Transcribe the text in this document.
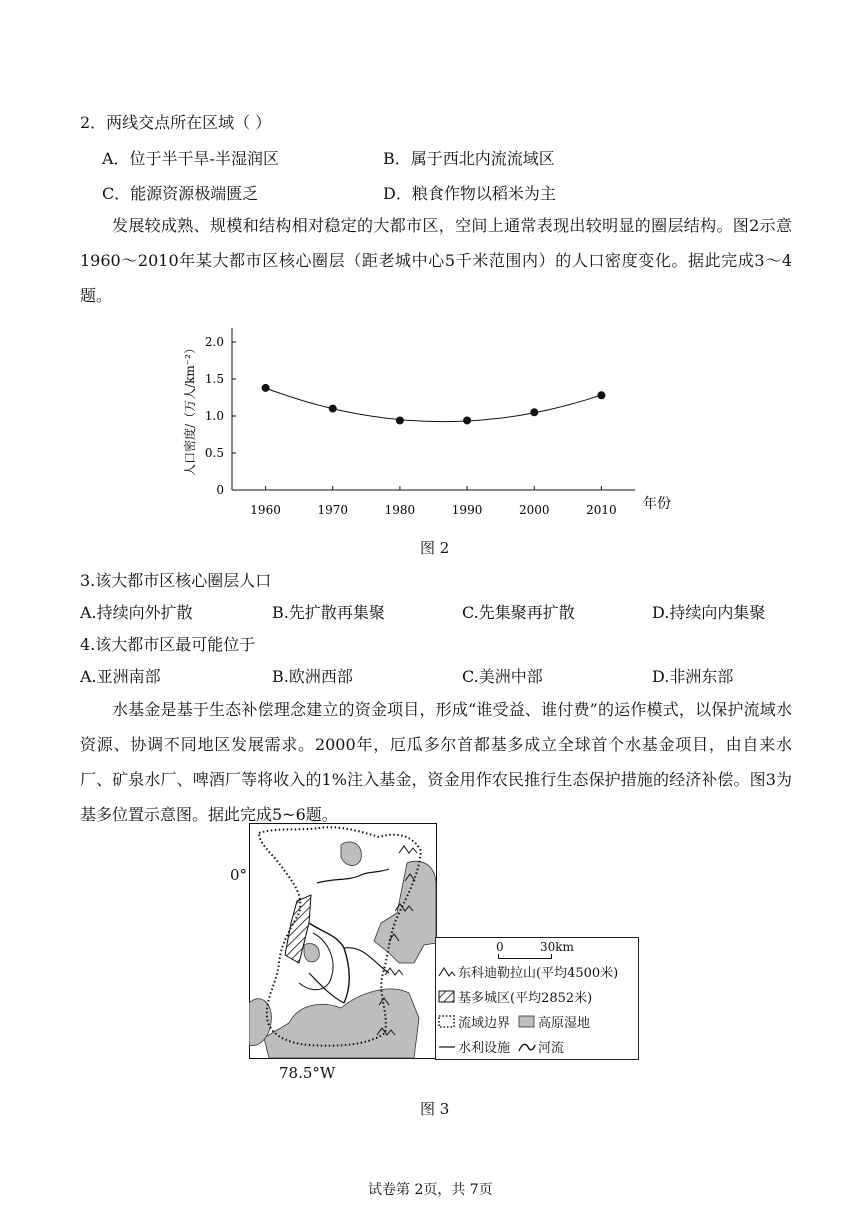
2．两线交点所在区域（ ）
A．位于半干旱-半湿润区	B．属于西北内流流域区
C．能源资源极端匮乏	D．粮食作物以稻米为主
发展较成熟、规模和结构相对稳定的大都市区，空间上通常表现出较明显的圈层结构。图2示意1960～2010年某大都市区核心圈层（距老城中心5千米范围内）的人口密度变化。据此完成3～4题。
0
0.5
1.0
1.5
2.0
1960	1970	1980	1990	2000	2010 年份
人口密度/（万人/km⁻²）
图 2
3.该大都市区核心圈层人口
A.持续向外扩散	B.先扩散再集聚	C.先集聚再扩散	D.持续向内集聚
4.该大都市区最可能位于
A.亚洲南部	B.欧洲西部	C.美洲中部	D.非洲东部
水基金是基于生态补偿理念建立的资金项目，形成“谁受益、谁付费”的运作模式，以保护流域水资源、协调不同地区发展需求。2000年，厄瓜多尔首都基多成立全球首个水基金项目，由自来水厂、矿泉水厂、啤酒厂等将收入的1%注入基金，资金用作农民推行生态保护措施的经济补偿。图3为基多位置示意图。据此完成5~6题。
0°
78.5°W
0	30km
东科迪勒拉山(平均4500米)
基多城区(平均2852米)
流域边界 高原湿地
水利设施 河流
图 3
试卷第 2页，共 7页
